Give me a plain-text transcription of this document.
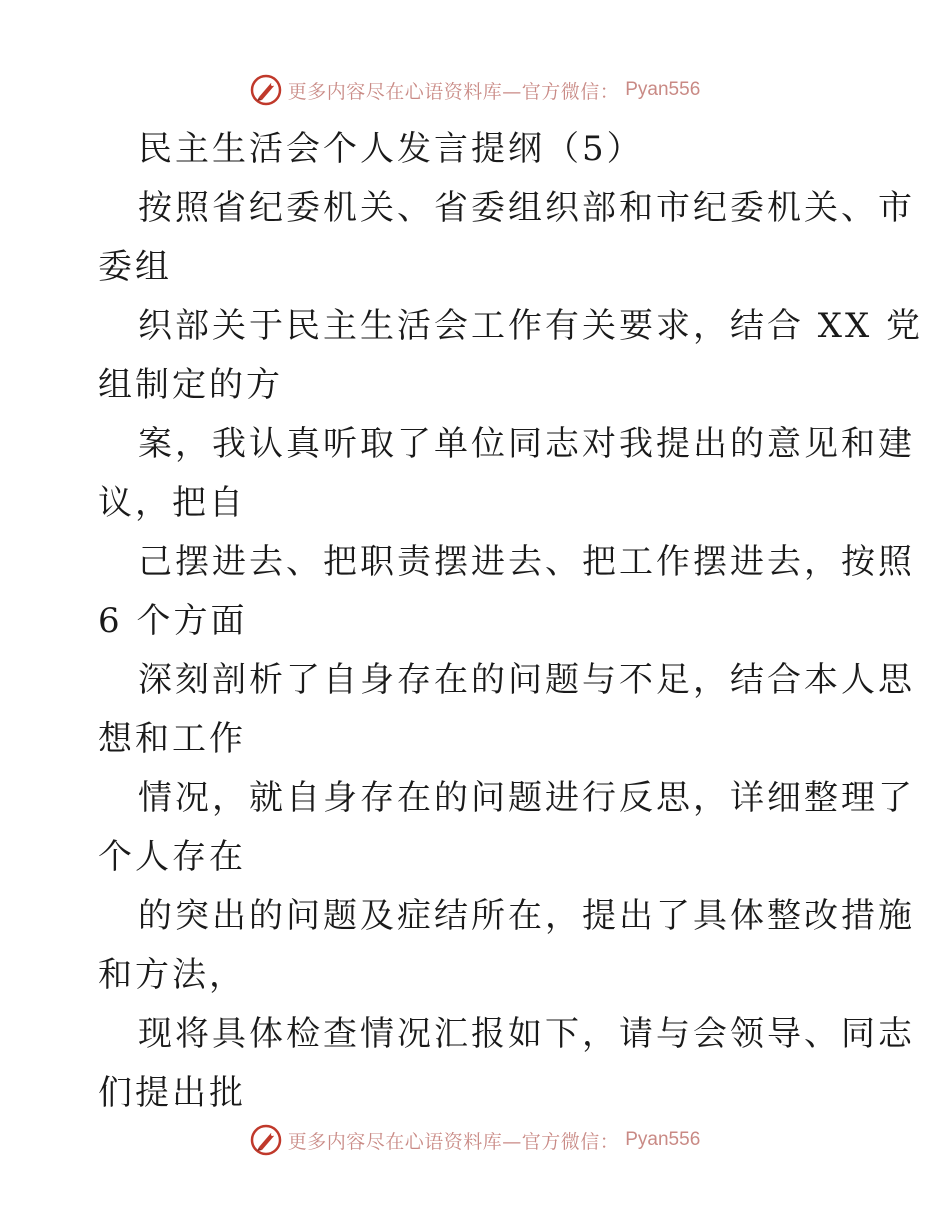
更多内容尽在心语资料库—官方微信： Pyan556
民主生活会个人发言提纲（5）
按照省纪委机关、省委组织部和市纪委机关、市
委组
织部关于民主生活会工作有关要求，结合 XX 党
组制定的方
案，我认真听取了单位同志对我提出的意见和建
议，把自
己摆进去、把职责摆进去、把工作摆进去，按照
6 个方面
深刻剖析了自身存在的问题与不足，结合本人思
想和工作
情况，就自身存在的问题进行反思，详细整理了
个人存在
的突出的问题及症结所在，提出了具体整改措施
和方法，
现将具体检查情况汇报如下，请与会领导、同志
们提出批
更多内容尽在心语资料库—官方微信： Pyan556
